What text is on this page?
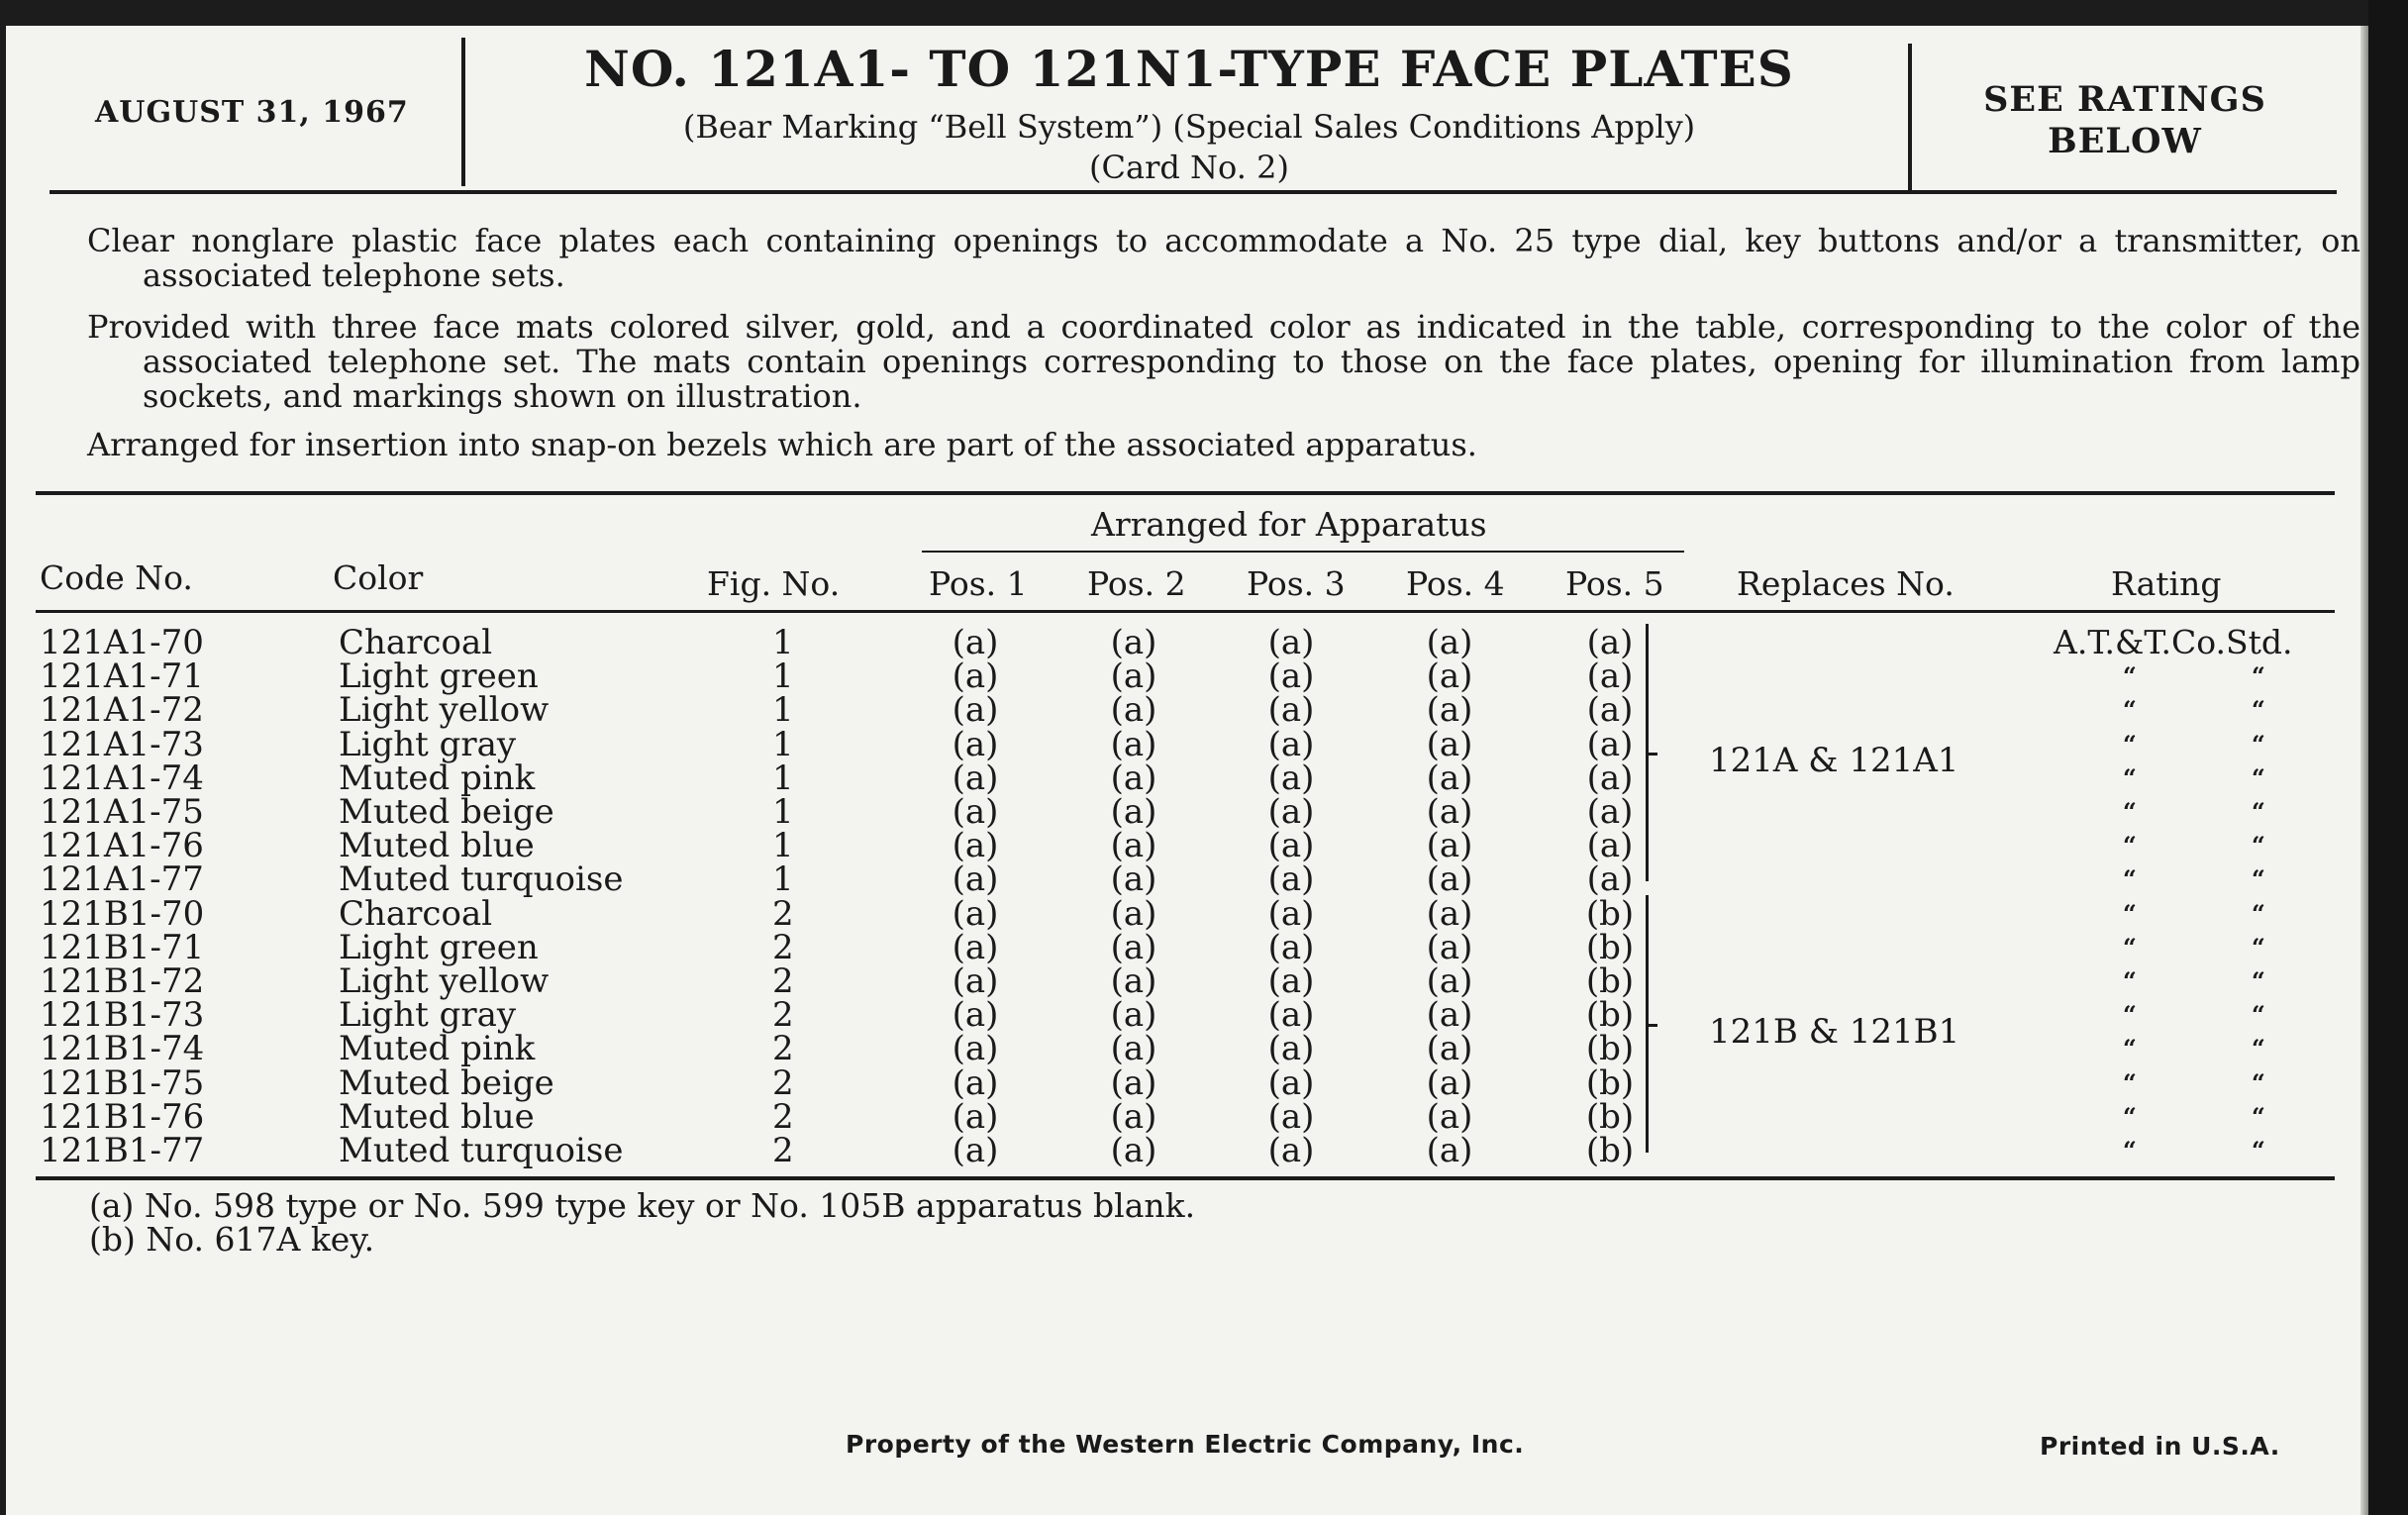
AUGUST 31, 1967
NO. 121A1- TO 121N1-TYPE FACE PLATES
(Bear Marking “Bell System”) (Special Sales Conditions Apply)
(Card No. 2)
SEE RATINGS
BELOW
Clear nonglare plastic face plates each containing openings to accommodate a No. 25 type dial, key buttons and/or a transmitter, on associated telephone sets.
Provided with three face mats colored silver, gold, and a coordinated color as indicated in the table, corresponding to the color of the associated telephone set. The mats contain openings corresponding to those on the face plates, opening for illumination from lamp sockets, and markings shown on illustration.
Arranged for insertion into snap-on bezels which are part of the associated apparatus.
Arranged for Apparatus
Code No.	Color	Fig. No.	Pos. 1 Pos. 2 Pos. 3 Pos. 4 Pos. 5 Replaces No.	Rating
121A1-70	Charcoal	1	(a)	(a)	(a)	(a)	(a)	A.T.&T.Co.Std.
121A1-71	Light green	1	(a)	(a)	(a)	(a)	(a)	“	“
121A1-72	Light yellow	1	(a)	(a)	(a)	(a)	(a)	“	“
121A1-73	Light gray	1	(a)	(a)	(a)	(a)	(a)	“	“
121A1-74	Muted pink	1	(a)	(a)	(a)	(a)	(a)	“	“
121A1-75	Muted beige	1	(a)	(a)	(a)	(a)	(a)	“	“
121A1-76	Muted blue	1	(a)	(a)	(a)	(a)	(a)	“	“
121A1-77	Muted turquoise	1	(a)	(a)	(a)	(a)	(a)	“	“
121B1-70	Charcoal	2	(a)	(a)	(a)	(a)	(b)	“	“
121B1-71	Light green	2	(a)	(a)	(a)	(a)	(b)	“	“
121B1-72	Light yellow	2	(a)	(a)	(a)	(a)	(b)	“	“
121B1-73	Light gray	2	(a)	(a)	(a)	(a)	(b)	“	“
121B1-74	Muted pink	2	(a)	(a)	(a)	(a)	(b)	“	“
121B1-75	Muted beige	2	(a)	(a)	(a)	(a)	(b)	“	“
121B1-76	Muted blue	2	(a)	(a)	(a)	(a)	(b)	“	“
121B1-77	Muted turquoise	2	(a)	(a)	(a)	(a)	(b)	“	“
121A & 121A1
121B & 121B1
(a) No. 598 type or No. 599 type key or No. 105B apparatus blank.
(b) No. 617A key.
Property of the Western Electric Company, Inc.	Printed in U.S.A.
